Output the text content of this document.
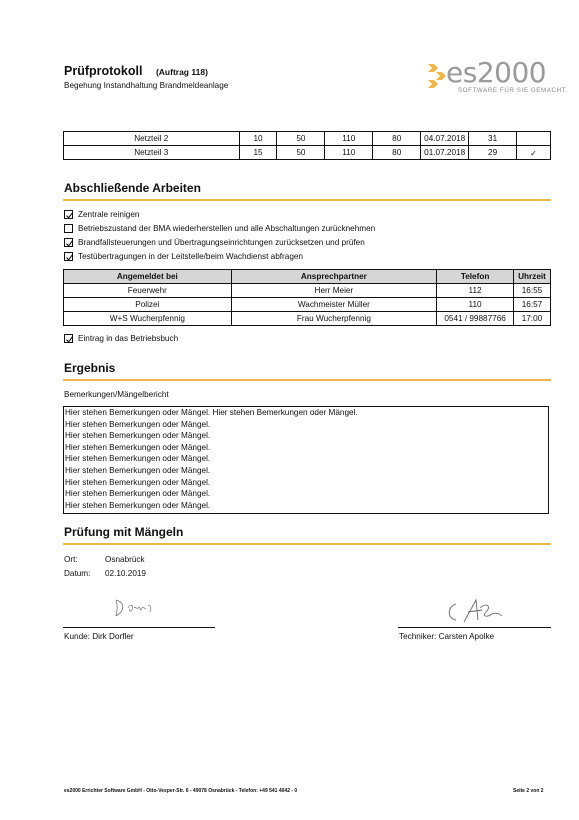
Prüfprotokoll (Auftrag 118)
Begehung Instandhaltung Brandmeldeanlage	es2000
SOFTWARE FÜR SIE GEMACHT.
Netzteil 2	10	50	110	80	04.07.2018	31	
Netzteil 3	15	50	110	80	01.07.2018	29	✓
Abschließende Arbeiten
Zentrale reinigen
Betriebszustand der BMA wiederherstellen und alle Abschaltungen zurücknehmen
Brandfallsteuerungen und Übertragungseinrichtungen zurücksetzen und prüfen
Testübertragungen in der Leitstelle/beim Wachdienst abfragen
Angemeldet bei	Ansprechpartner	Telefon	Uhrzeit
Feuerwehr	Herr Meier	112	16:55
Polizei	Wachmeister Müller	110	16:57
W+S Wucherpfennig	Frau Wucherpfennig	0541 / 99887766	17:00
Eintrag in das Betriebsbuch
Ergebnis
Bemerkungen/Mängelbericht
Hier stehen Bemerkungen oder Mängel. Hier stehen Bemerkungen oder Mängel.
Hier stehen Bemerkungen oder Mängel.
Hier stehen Bemerkungen oder Mängel.
Hier stehen Bemerkungen oder Mängel.
Hier stehen Bemerkungen oder Mängel.
Hier stehen Bemerkungen oder Mängel.
Hier stehen Bemerkungen oder Mängel.
Hier stehen Bemerkungen oder Mängel.
Hier stehen Bemerkungen oder Mängel.
Prüfung mit Mängeln
Ort:	Osnabrück
Datum: 02.10.2019
Kunde: Dirk Dorfler	Techniker: Carsten Apolke
es2000 Errichter Software GmbH - Otto-Vesper-Str. 6 - 49078 Osnabrück - Telefon: +49 541 4042 - 0	Seite 2 von 2
